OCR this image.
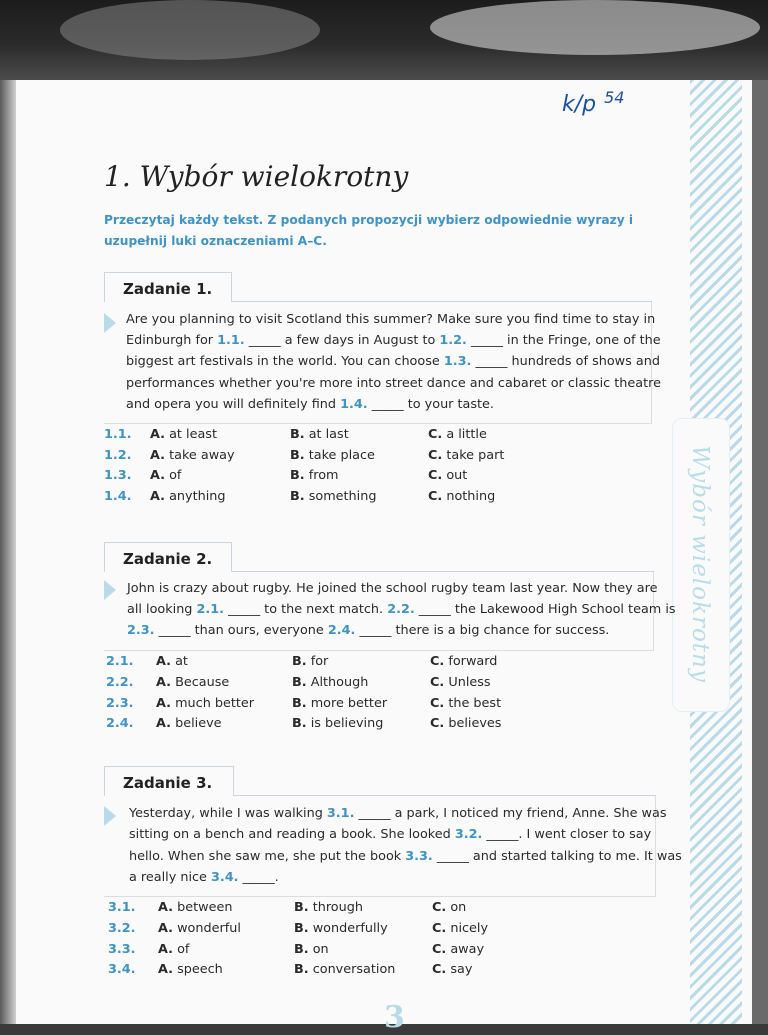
Wybór wielokrotny
k/p $^{54}$
1. Wybór wielokrotny
Przeczytaj każdy tekst. Z podanych propozycji wybierz odpowiednie wyrazy i uzupełnij luki oznaczeniami A–C.
Zadanie 1.
Are you planning to visit Scotland this summer? Make sure you find time to stay in
Edinburgh for 1.1. _____ a few days in August to 1.2. _____ in the Fringe, one of the
biggest art festivals in the world. You can choose 1.3. _____ hundreds of shows and
performances whether you're more into street dance and cabaret or classic theatre
and opera you will definitely find 1.4. _____ to your taste.
1.1. A. at least	B. at last	C. a little
1.2. A. take away	B. take place	C. take part
1.3. A. of	B. from	C. out
1.4. A. anything	B. something	C. nothing
Zadanie 2.
John is crazy about rugby. He joined the school rugby team last year. Now they are
all looking 2.1. _____ to the next match. 2.2. _____ the Lakewood High School team is
2.3. _____ than ours, everyone 2.4. _____ there is a big chance for success.
2.1. A. at	B. for	C. forward
2.2. A. Because	B. Although	C. Unless
2.3. A. much better	B. more better	C. the best
2.4. A. believe	B. is believing	C. believes
Zadanie 3.
Yesterday, while I was walking 3.1. _____ a park, I noticed my friend, Anne. She was
sitting on a bench and reading a book. She looked 3.2. _____. I went closer to say
hello. When she saw me, she put the book 3.3. _____ and started talking to me. It was
a really nice 3.4. _____.
3.1. A. between	B. through	C. on
3.2. A. wonderful	B. wonderfully	C. nicely
3.3. A. of	B. on	C. away
3.4. A. speech	B. conversation	C. say
3
